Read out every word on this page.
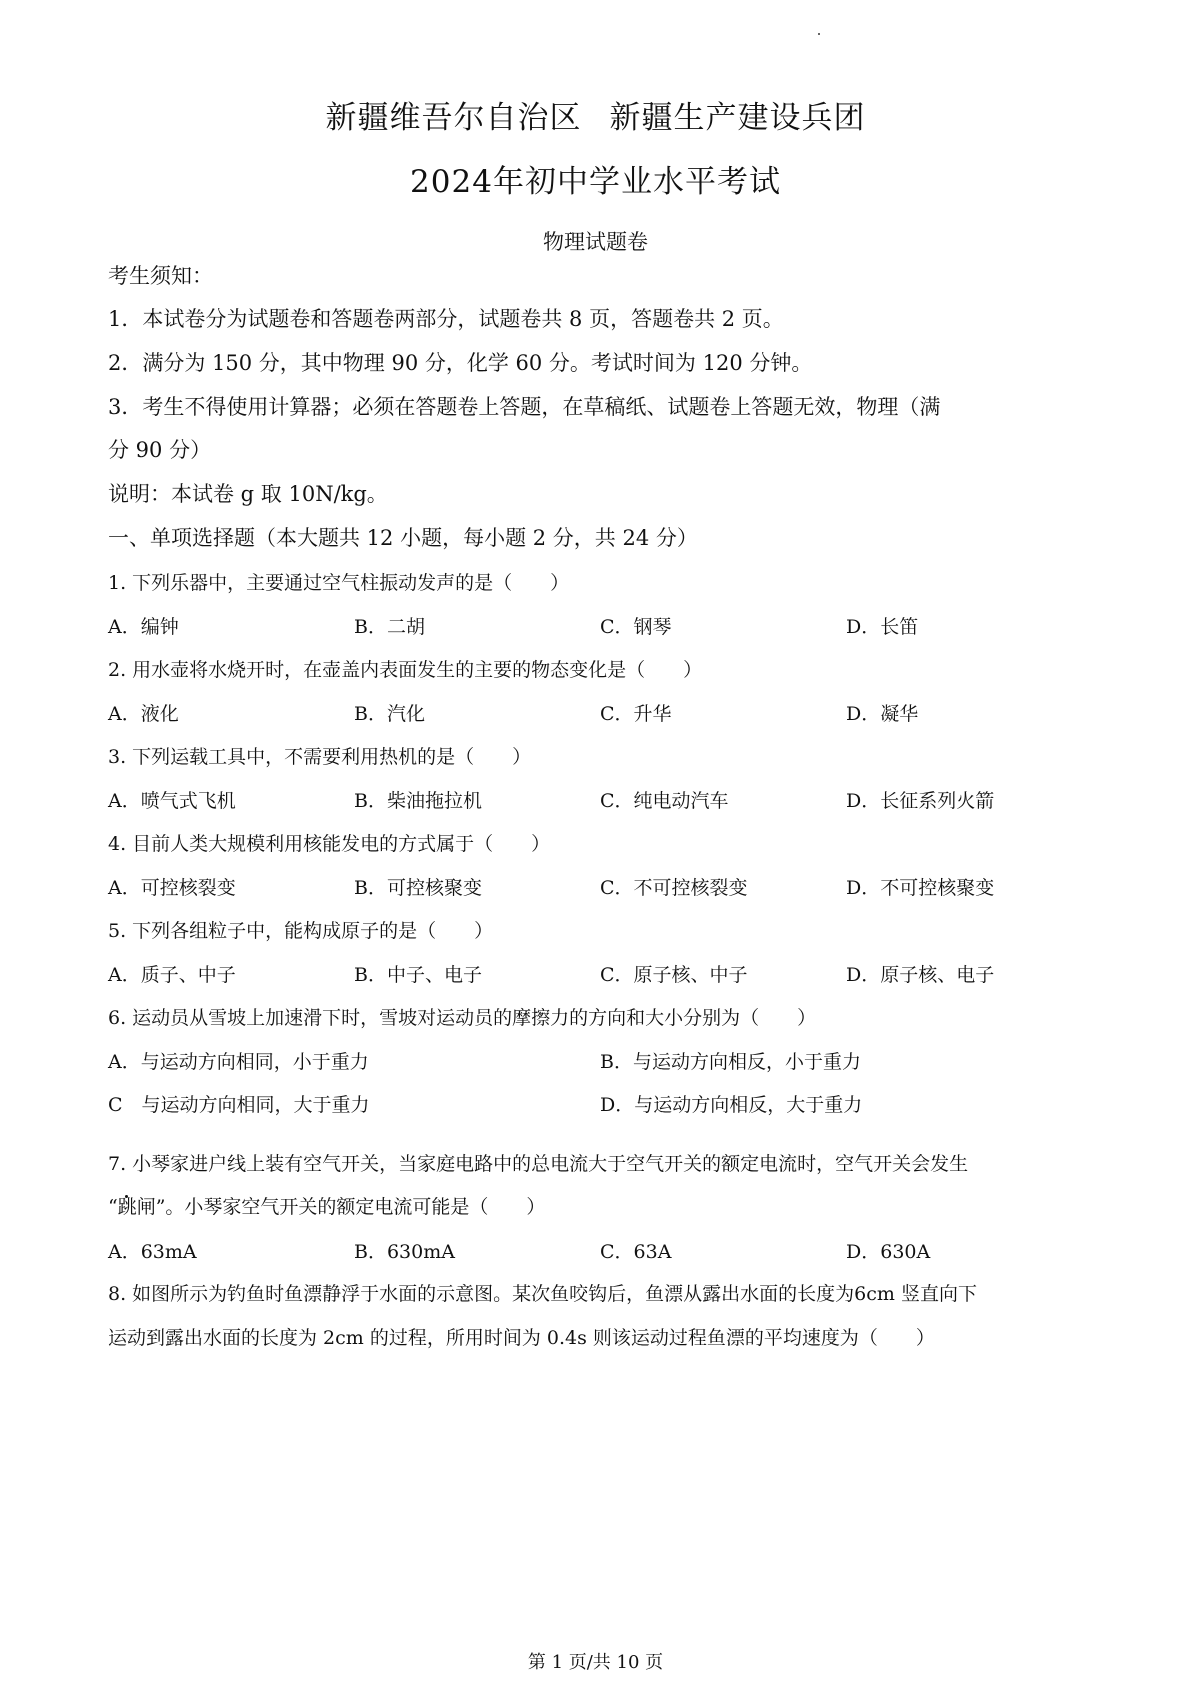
新疆维吾尔自治区 新疆生产建设兵团
2024年初中学业水平考试
物理试题卷
考生须知：
1．本试卷分为试题卷和答题卷两部分，试题卷共 8 页，答题卷共 2 页。
2．满分为 150 分，其中物理 90 分，化学 60 分。考试时间为 120 分钟。
3．考生不得使用计算器；必须在答题卷上答题，在草稿纸、试题卷上答题无效，物理（满
分 90 分）
说明：本试卷 g 取 10N/kg。
一、单项选择题（本大题共 12 小题，每小题 2 分，共 24 分）
1. 下列乐器中，主要通过空气柱振动发声的是（　　）
A．编钟	B．二胡	C．钢琴	D．长笛
2. 用水壶将水烧开时，在壶盖内表面发生的主要的物态变化是（　　）
A．液化	B．汽化	C．升华	D．凝华
3. 下列运载工具中，不需要利用热机的是（　　）
A．喷气式飞机	B．柴油拖拉机	C．纯电动汽车	D．长征系列火箭
4. 目前人类大规模利用核能发电的方式属于（　　）
A．可控核裂变	B．可控核聚变	C．不可控核裂变	D．不可控核聚变
5. 下列各组粒子中，能构成原子的是（　　）
A．质子、中子	B．中子、电子	C．原子核、中子	D．原子核、电子
6. 运动员从雪坡上加速滑下时，雪坡对运动员的摩擦力的方向和大小分别为（　　）
A．与运动方向相同，小于重力	B．与运动方向相反，小于重力
C　与运动方向相同，大于重力	D．与运动方向相反，大于重力
7. 小琴家进户线上装有空气开关，当家庭电路中的总电流大于空气开关的额定电流时，空气开关会发生
“跳闸”。小琴家空气开关的额定电流可能是（　　）
A．63mA	B．630mA	C．63A	D．630A
8. 如图所示为钓鱼时鱼漂静浮于水面的示意图。某次鱼咬钩后，鱼漂从露出水面的长度为6cm 竖直向下
运动到露出水面的长度为 2cm 的过程，所用时间为 0.4s 则该运动过程鱼漂的平均速度为（　　）
第 1 页/共 10 页
